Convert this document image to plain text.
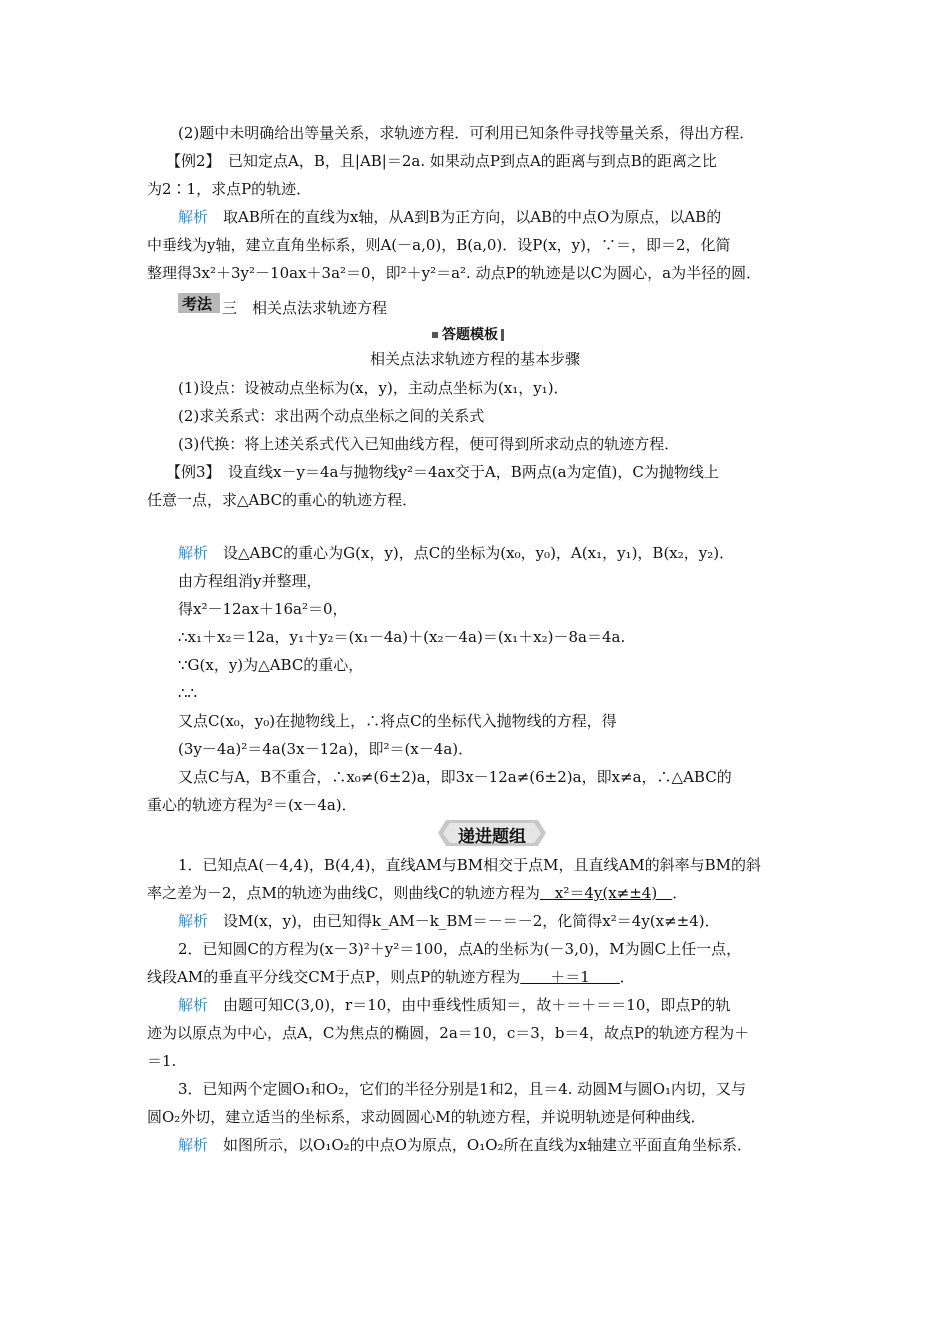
(2)题中未明确给出等量关系，求轨迹方程．可利用已知条件寻找等量关系，得出方程．
【例2】　已知定点A，B，且|AB|＝2a. 如果动点P到点A的距离与到点B的距离之比
为2∶1，求点P的轨迹．
解析　取AB所在的直线为x轴，从A到B为正方向，以AB的中点O为原点，以AB的
中垂线为y轴，建立直角坐标系，则A(－a,0)，B(a,0)．设P(x，y)，∵＝，即＝2，化简
整理得3x²＋3y²－10ax＋3a²＝0，即²＋y²＝a². 动点P的轨迹是以C为圆心，a为半径的圆．
考法 三　相关点法求轨迹方程
答题模板
相关点法求轨迹方程的基本步骤
(1)设点：设被动点坐标为(x，y)，主动点坐标为(x₁，y₁)．
(2)求关系式：求出两个动点坐标之间的关系式
(3)代换：将上述关系式代入已知曲线方程，便可得到所求动点的轨迹方程．
【例3】　设直线x－y＝4a与抛物线y²＝4ax交于A，B两点(a为定值)，C为抛物线上
任意一点，求△ABC的重心的轨迹方程．
解析　设△ABC的重心为G(x，y)，点C的坐标为(x₀，y₀)，A(x₁，y₁)，B(x₂，y₂)．
由方程组消y并整理，
得x²－12ax＋16a²＝0，
∴x₁＋x₂＝12a，y₁＋y₂＝(x₁－4a)＋(x₂－4a)＝(x₁＋x₂)－8a＝4a.
∵G(x，y)为△ABC的重心，
∴∴
又点C(x₀，y₀)在抛物线上，∴将点C的坐标代入抛物线的方程，得
(3y－4a)²＝4a(3x－12a)，即²＝(x－4a)．
又点C与A，B不重合，∴x₀≠(6±2)a，即3x－12a≠(6±2)a，即x≠a，∴△ABC的
重心的轨迹方程为²＝(x－4a)．
递进题组
1．已知点A(－4,4)，B(4,4)，直线AM与BM相交于点M，且直线AM的斜率与BM的斜
率之差为－2，点M的轨迹为曲线C，则曲线C的轨迹方程为　x²＝4y(x≠±4)　．
解析　设M(x，y)，由已知得k_AM－k_BM＝－＝－2，化简得x²＝4y(x≠±4)．
2．已知圆C的方程为(x－3)²＋y²＝100，点A的坐标为(－3,0)，M为圆C上任一点，
线段AM的垂直平分线交CM于点P，则点P的轨迹方程为　　＋＝1　　．
解析　由题可知C(3,0)，r＝10，由中垂线性质知＝，故＋＝＋＝＝10，即点P的轨
迹为以原点为中心，点A，C为焦点的椭圆，2a＝10，c＝3，b＝4，故点P的轨迹方程为＋
＝1.
3．已知两个定圆O₁和O₂，它们的半径分别是1和2，且＝4. 动圆M与圆O₁内切，又与
圆O₂外切，建立适当的坐标系，求动圆圆心M的轨迹方程，并说明轨迹是何种曲线．
解析　如图所示，以O₁O₂的中点O为原点，O₁O₂所在直线为x轴建立平面直角坐标系．
